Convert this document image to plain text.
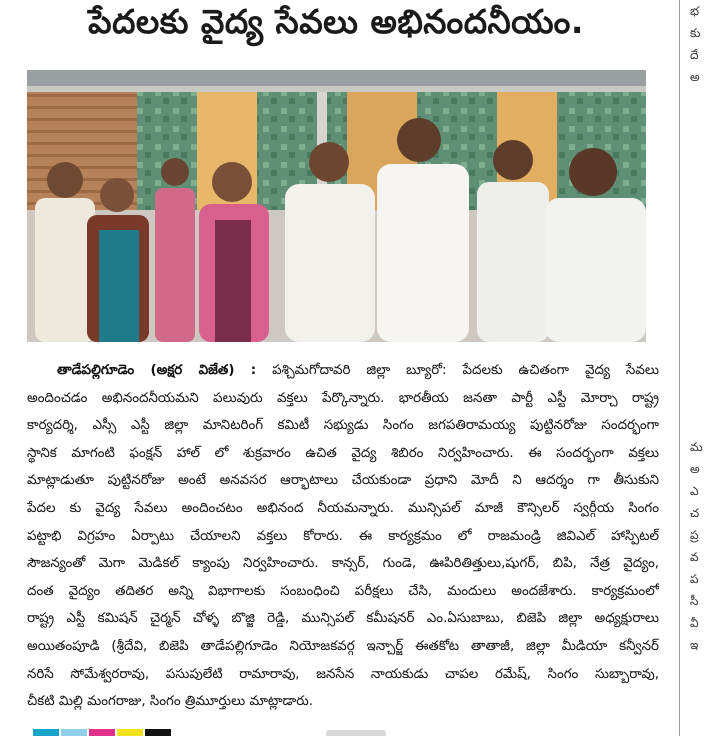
పేదలకు వైద్య సేవలు అభినందనీయం.
తాడేపల్లిగూడెం (అక్షర విజేత) : పశ్చిమగోదావరి జిల్లా బ్యూరో: పేదలకు ఉచితంగా వైద్య సేవలు
అందించడం అభినందనీయమని పలువురు వక్తలు పేర్కొన్నారు. భారతీయ జనతా పార్టీ ఎస్టీ మోర్చా రాష్ట్ర
కార్యదర్శి, ఎస్సీ ఎస్టీ జిల్లా మానిటరింగ్ కమిటీ సభ్యుడు సింగం జగపతిరామయ్య పుట్టినరోజు సందర్భంగా
స్థానిక మాగంటి ఫంక్షన్ హాల్ లో శుక్రవారం ఉచిత వైద్య శిబిరం నిర్వహించారు. ఈ సందర్భంగా వక్తలు
మాట్లాడుతూ పుట్టినరోజు అంటే అనవసర ఆర్భాటాలు చేయకుండా ప్రధాని మోదీ ని ఆదర్శం గా తీసుకుని
పేదల కు వైద్య సేవలు అందించటం అభినంద నీయమన్నారు. మున్సిపల్ మాజీ కౌన్సిలర్ స్వర్గీయ సింగం
పట్టాభి విగ్రహం ఏర్పాటు చేయాలని వక్తలు కోరారు. ఈ కార్యక్రమం లో రాజమండ్రి జివిఎల్ హాస్పిటల్
సౌజన్యంతో మెగా మెడికల్ క్యాంపు నిర్వహించారు. కాన్సర్, గుండె, ఊపిరితిత్తులు,షుగర్, బిపి, నేత్ర వైద్యం,
దంత వైద్యం తదితర అన్ని విభాగాలకు సంబంధించి పరీక్షలు చేసి, మందులు అందజేశారు. కార్యక్రమంలో
రాష్ట్ర ఎస్టీ కమిషన్ చైర్మన్ చోళ్ళ బొజ్జి రెడ్డి, మున్సిపల్ కమీషనర్ ఎం.ఏసుబాబు, బిజెపి జిల్లా అధ్యక్షురాలు
అయితంపూడి (శ్రీదేవి, బిజెపి తాడేపల్లిగూడెం నియోజకవర్గ ఇన్చార్జ్ ఈతకోట తాతాజీ, జిల్లా మీడియా కన్వీనర్
నరిసే సోమేశ్వరరావు, పసుపులేటి రామారావు, జనసేన నాయకుడు చాపల రమేష్, సింగం సుబ్బారావు,
చీకటి మిల్లి మంగరాజు, సింగం త్రిమూర్తులు మాట్లాడారు.
భ
కు
దే
అ
మ
అ
ఎ
చ
ప్ర
వ
ప
సీ
వీ
ఇ
